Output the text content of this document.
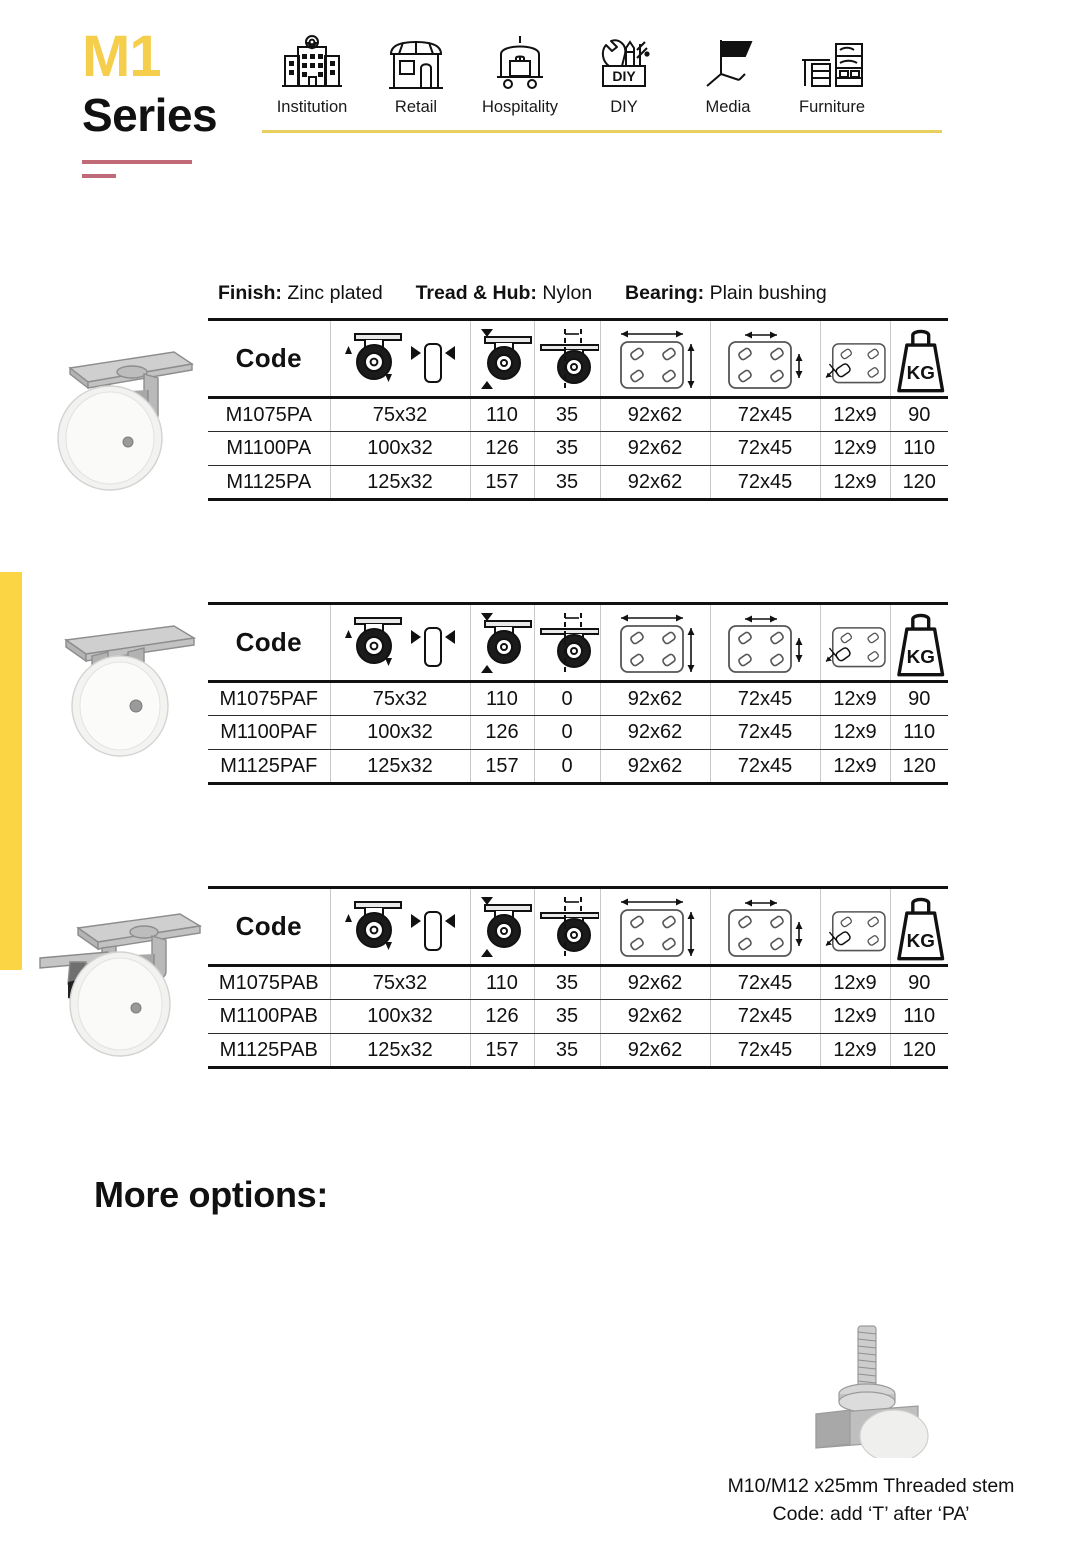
M1
Series	Institution	Retail	Hospitality
DIY
DIY	Media	Furniture
Finish: Zinc plated Tread & Hub: Nylon Bearing: Plain bushing
Code

M1075PA	75x32	110	35	92x62	72x45	12x9	90
M1100PA	100x32	126	35	92x62	72x45	12x9	110
M1125PA	125x32	157	35	92x62	72x45	12x9	120
Code

M1075PAF	75x32	110	0	92x62	72x45	12x9	90
M1100PAF	100x32	126	0	92x62	72x45	12x9	110
M1125PAF	125x32	157	0	92x62	72x45	12x9	120
Code

M1075PAB	75x32	110	35	92x62	72x45	12x9	90
M1100PAB	100x32	126	35	92x62	72x45	12x9	110
M1125PAB	125x32	157	35	92x62	72x45	12x9	120
More options:
M10/M12 x25mm Threaded stem
Code: add ‘T’ after ‘PA’
